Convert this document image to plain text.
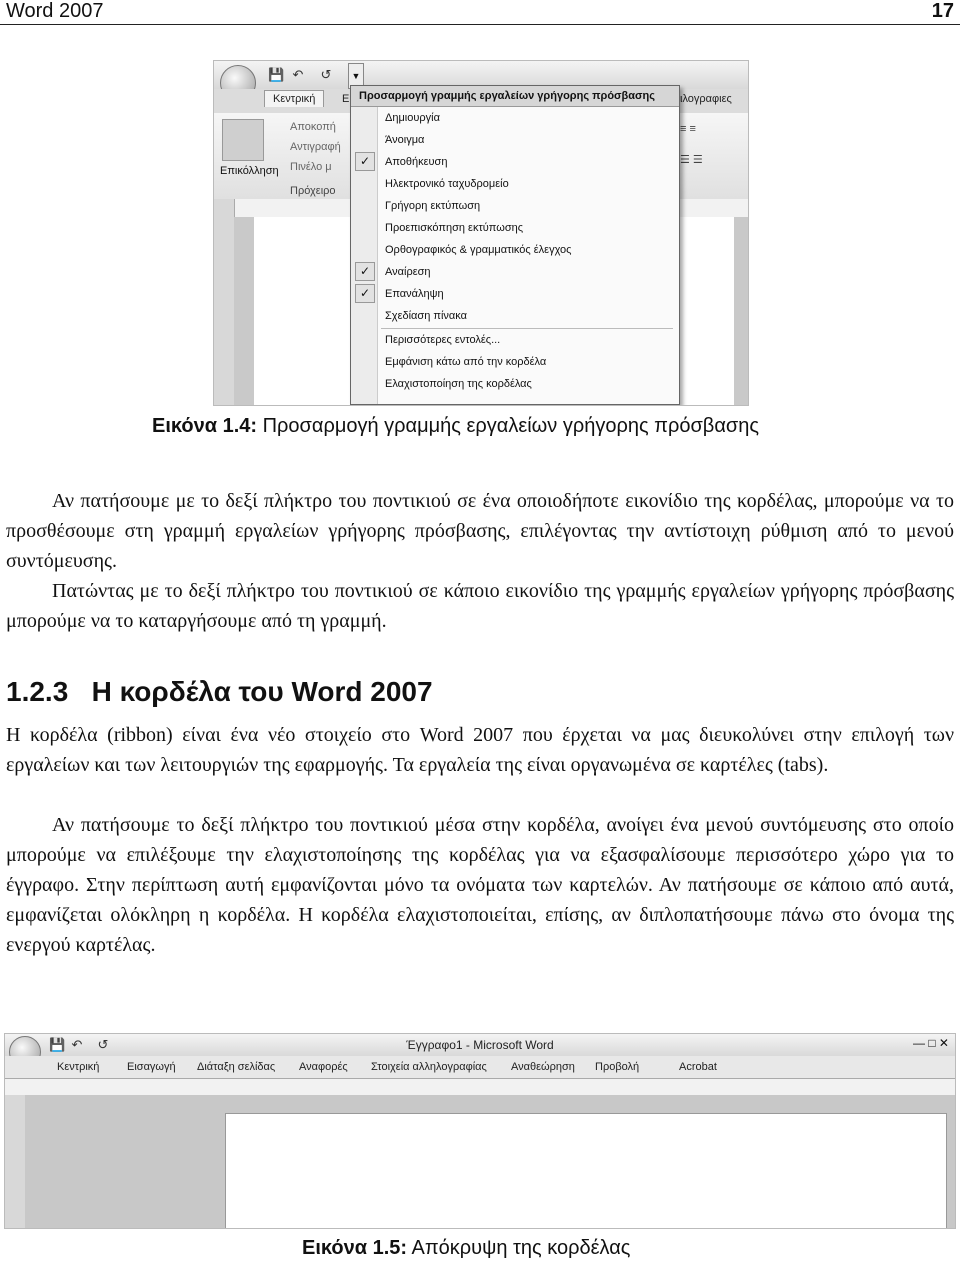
Word 2007	17
💾 ↶ ↺	▼
Κεντρική	Ε	ιλογραφιες
Επικόλληση
Αποκοπή
Αντιγραφή
Πινέλο μ
Πρόχειρο
≡ ≡
☰ ☰
Προσαρμογή γραμμής εργαλείων γρήγορης πρόσβασης
Δημιουργία
Άνοιγμα
✓	Αποθήκευση
Ηλεκτρονικό ταχυδρομείο
Γρήγορη εκτύπωση
Προεπισκόπηση εκτύπωσης
Ορθογραφικός & γραμματικός έλεγχος
✓	Αναίρεση
✓	Επανάληψη
Σχεδίαση πίνακα
Περισσότερες εντολές...
Εμφάνιση κάτω από την κορδέλα
Ελαχιστοποίηση της κορδέλας
Εικόνα 1.4: Προσαρμογή γραμμής εργαλείων γρήγορης πρόσβασης

Αν πατήσουμε με το δεξί πλήκτρο του ποντικιού σε ένα οποιοδήποτε εικονίδιο της κορδέλας, μπορούμε να το προσθέσουμε στη γραμμή εργαλείων γρήγορης πρόσβασης, επιλέγοντας την αντίστοιχη ρύθμιση από το μενού συντόμευσης.

Πατώντας με το δεξί πλήκτρο του ποντικιού σε κάποιο εικονίδιο της γραμμής εργαλείων γρήγορης πρόσβασης μπορούμε να το καταργήσουμε από τη γραμμή.

1.2.3   Η κορδέλα του Word 2007

Η κορδέλα (ribbon) είναι ένα νέο στοιχείο στο Word 2007 που έρχεται να μας διευκολύνει στην επιλογή των εργαλείων και των λειτουργιών της εφαρμογής. Τα εργαλεία της είναι οργανωμένα σε καρτέλες (tabs).

Αν πατήσουμε το δεξί πλήκτρο του ποντικιού μέσα στην κορδέλα, ανοίγει ένα μενού συντόμευσης στο οποίο μπορούμε να επιλέξουμε την ελαχιστοποίησης της κορδέλας για να εξασφαλίσουμε περισσότερο χώρο για το έγγραφο. Στην περίπτωση αυτή εμφανίζονται μόνο τα ονόματα των καρτελών. Αν πατήσουμε σε κάποιο από αυτά, εμφανίζεται ολόκληρη η κορδέλα. Η κορδέλα ελαχιστοποιείται, επίσης, αν διπλοπατήσουμε πάνω στο όνομα της ενεργού καρτέλας.

💾 ↶ ↺	Έγγραφο1 - Microsoft Word	— □ ✕
Κεντρική	Εισαγωγή Διάταξη σελίδας Αναφορές Στοιχεία αλληλογραφίας Αναθεώρηση Προβολή	Acrobat
Εικόνα 1.5: Απόκρυψη της κορδέλας
